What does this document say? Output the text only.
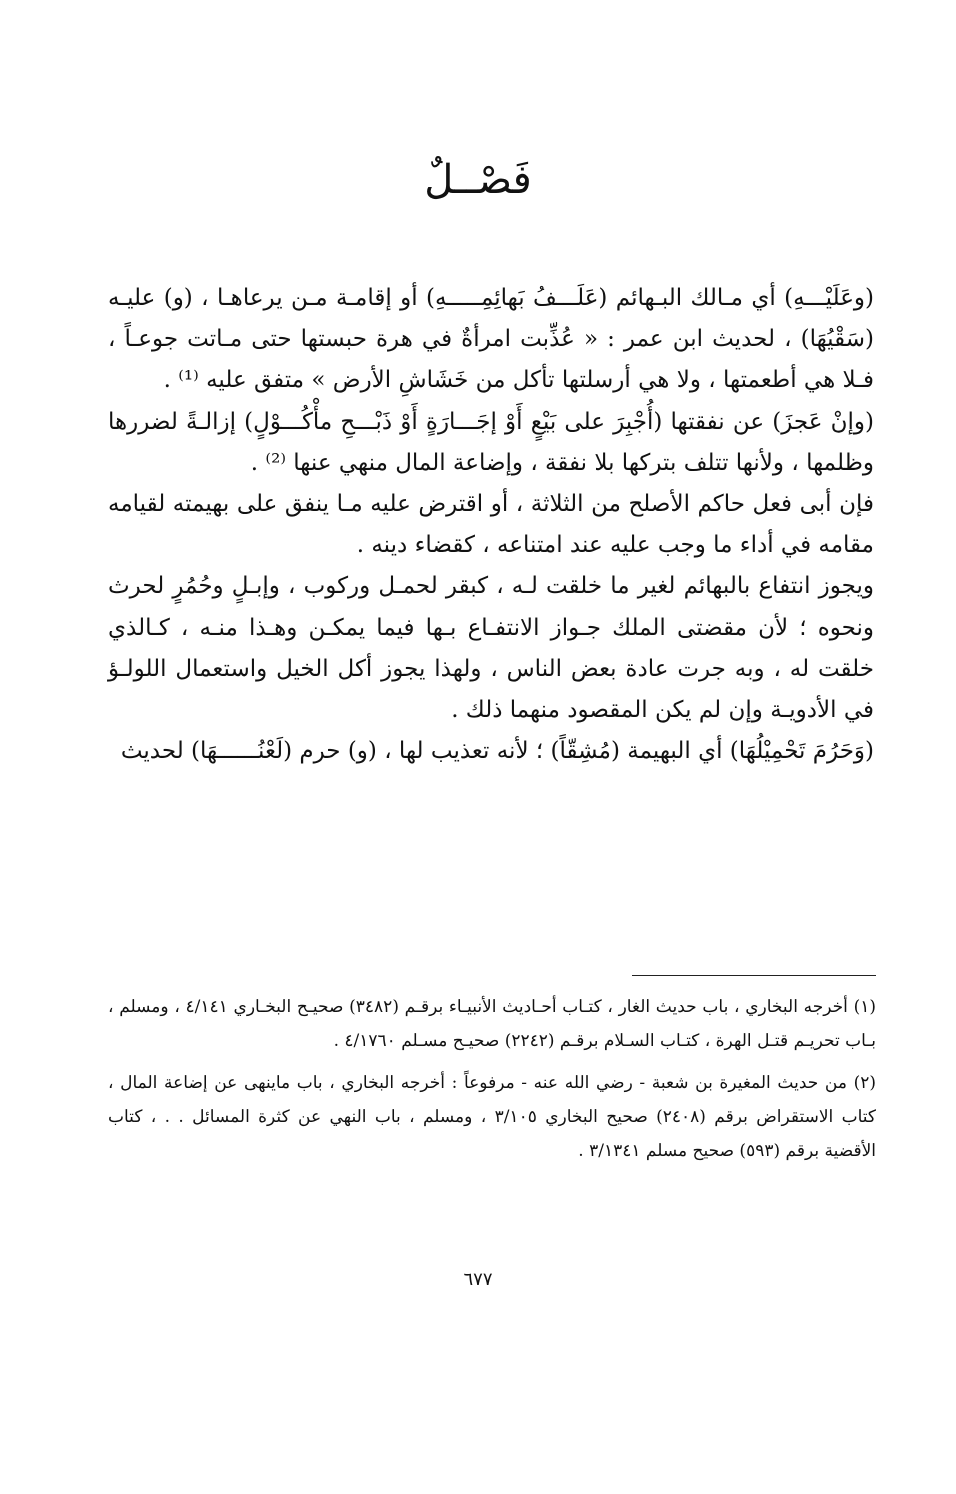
فَصْــلٌ

(وعَلَيْـــهِ) أي مـالك البـهائم (عَلَـــفُ بَهائِمِـــــهِ) أو إقامـة مـن يرعاهـا ، (و) عليـه (سَقْيُهَا) ، لحديث ابن عمر : « عُذِّبت امرأةٌ في هرة حبستها حتى مـاتت جوعـاً ، فـلا هي أطعمتها ، ولا هي أرسلتها تأكل من خَشَاشِ الأرض » متفق عليه ⁽¹⁾ .

(وإنْ عَجزَ) عن نفقتها (أُجْبِرَ على بَيْعٍ أَوْ إجَـــارَةٍ أَوْ ذَبْـــحِ مأْكُـــوْلٍ) إزالـةً لضررها وظلمها ، ولأنها تتلف بتركها بلا نفقة ، وإضاعة المال منهي عنها ⁽²⁾ .

فإن أبى فعل حاكم الأصلح من الثلاثة ، أو اقترض عليه مـا ينفق على بهيمته لقيامه مقامه في أداء ما وجب عليه عند امتناعه ، كقضاء دينه .

ويجوز انتفاع بالبهائم لغير ما خلقت لـه ، كبقر لحمـل وركوب ، وإبـلٍ وحُمُرٍ لحرث ونحوه ؛ لأن مقضتى الملك جـواز الانتفـاع بـها فيما يمكـن وهـذا منـه ، كـالذي خلقت له ، وبه جرت عادة بعض الناس ، ولهذا يجوز أكل الخيل واستعمال اللولـؤ في الأدويـة وإن لم يكن المقصود منهما ذلك .

(وَحَرُمَ تَحْمِيْلُهَا) أي البهيمة (مُشِقّاً) ؛ لأنه تعذيب لها ، (و) حرم (لَعْنُــــــهَا) لحديث

(١) أخرجه البخاري ، باب حديث الغار ، كتـاب أحـاديث الأنبيـاء برقـم (٣٤٨٢) صحيـح البخـاري ٤/١٤١ ، ومسلم ، بـاب تحريـم قتـل الهرة ، كتـاب السـلام برقـم (٢٢٤٢) صحيـح مسـلم ٤/١٧٦٠ .

(٢) من حديث المغيرة بن شعبة - رضي الله عنه - مرفوعاً : أخرجه البخاري ، باب ماينهى عن إضاعة المال ، كتاب الاستقراض برقم (٢٤٠٨) صحيح البخاري ٣/١٠٥ ، ومسلم ، باب النهي عن كثرة المسائل . . ، كتاب الأقضية برقم (٥٩٣) صحيح مسلم ٣/١٣٤١ .

٦٧٧
